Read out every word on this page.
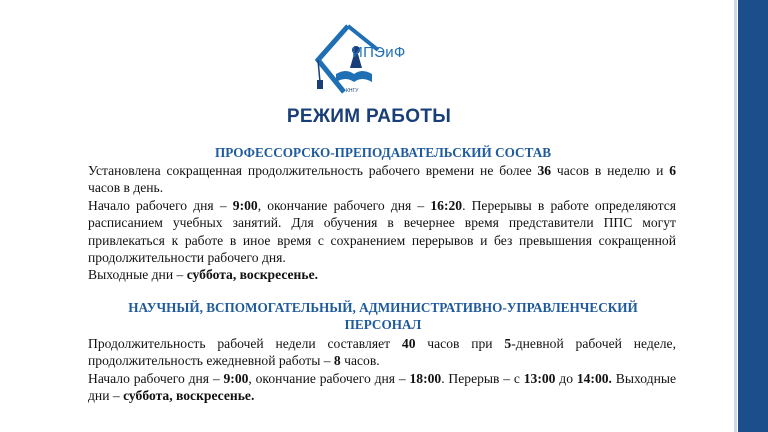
КНГУ
ИПЭиФ
РЕЖИМ РАБОТЫ
ПРОФЕССОРСКО-ПРЕПОДАВАТЕЛЬСКИЙ СОСТАВ

Установлена сокращенная продолжительность рабочего времени не более 36 часов в неделю и 6 часов в день.

Начало рабочего дня – 9:00, окончание рабочего дня – 16:20. Перерывы в работе определяются расписанием учебных занятий. Для обучения в вечернее время представители ППС могут привлекаться к работе в иное время с сохранением перерывов и без превышения сокращенной продолжительности рабочего дня.

Выходные дни – суббота, воскресенье.

НАУЧНЫЙ, ВСПОМОГАТЕЛЬНЫЙ, АДМИНИСТРАТИВНО-УПРАВЛЕНЧЕСКИЙ
ПЕРСОНАЛ

Продолжительность рабочей недели составляет 40 часов при 5-дневной рабочей неделе, продолжительность ежедневной работы – 8 часов.

Начало рабочего дня – 9:00, окончание рабочего дня – 18:00. Перерыв – с 13:00 до 14:00. Выходные дни – суббота, воскресенье.
